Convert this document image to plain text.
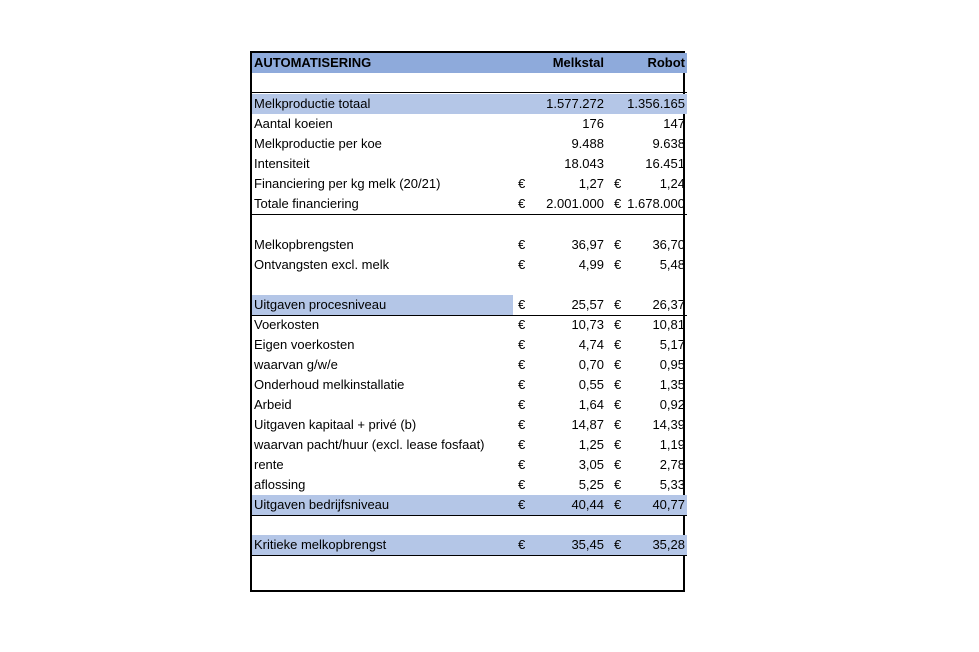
AUTOMATISERING	Melkstal	Robot
Melkproductie totaal	1.577.272 1.356.165
Aantal koeien	176	147
Melkproductie per koe	9.488	9.638
Intensiteit	18.043	16.451
Financiering per kg melk (20/21)	€	1,27 €	1,24
Totale financiering	€ 2.001.000 € 1.678.000
Melkopbrengsten	€	36,97 € 36,70
Ontvangsten excl. melk	€	4,99 €	5,48
Uitgaven procesniveau	€	25,57 € 26,37
Voerkosten	€	10,73 € 10,81
Eigen voerkosten	€	4,74 €	5,17
waarvan g/w/e	€	0,70 €	0,95
Onderhoud melkinstallatie	€	0,55 €	1,35
Arbeid	€	1,64 €	0,92
Uitgaven kapitaal + privé (b)	€	14,87 € 14,39
waarvan pacht/huur (excl. lease fosfaat)	€	1,25 €	1,19
rente	€	3,05 €	2,78
aflossing	€	5,25 €	5,33
Uitgaven bedrijfsniveau	€	40,44 € 40,77
Kritieke melkopbrengst	€	35,45 € 35,28
